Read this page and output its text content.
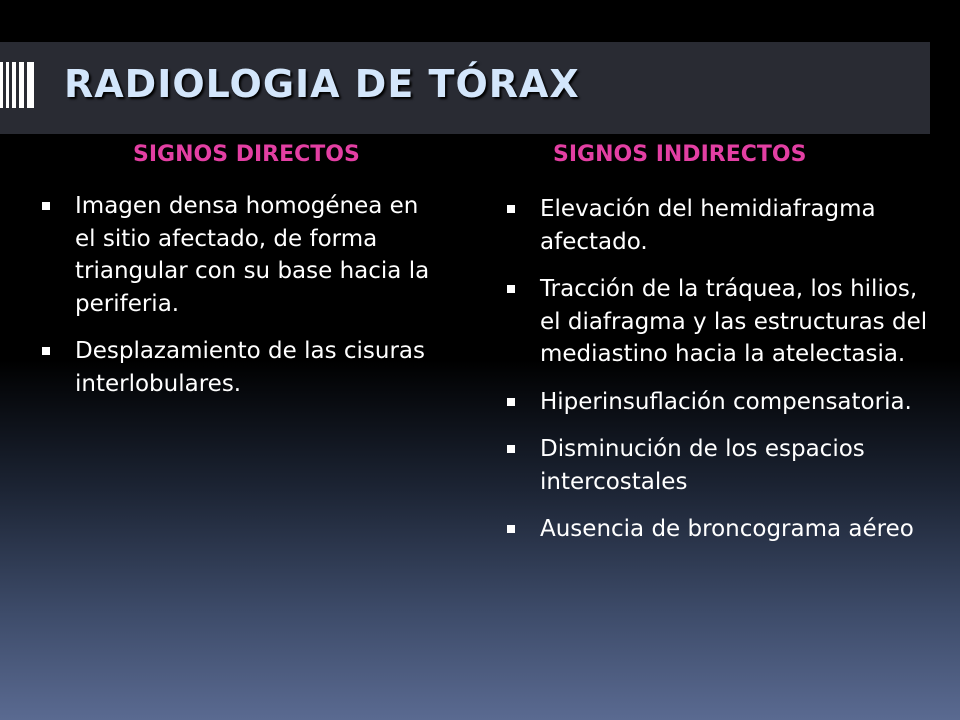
RADIOLOGIA DE TÓRAX
SIGNOS DIRECTOS	SIGNOS INDIRECTOS
Imagen densa homogénea en el sitio afectado, de forma triangular con su base hacia la periferia.
Desplazamiento de las cisuras interlobulares.
Elevación del hemidiafragma afectado.
Tracción de la tráquea, los hilios, el diafragma y las estructuras del mediastino hacia la atelectasia.
Hiperinsuflación compensatoria.
Disminución de los espacios intercostales
Ausencia de broncograma aéreo
